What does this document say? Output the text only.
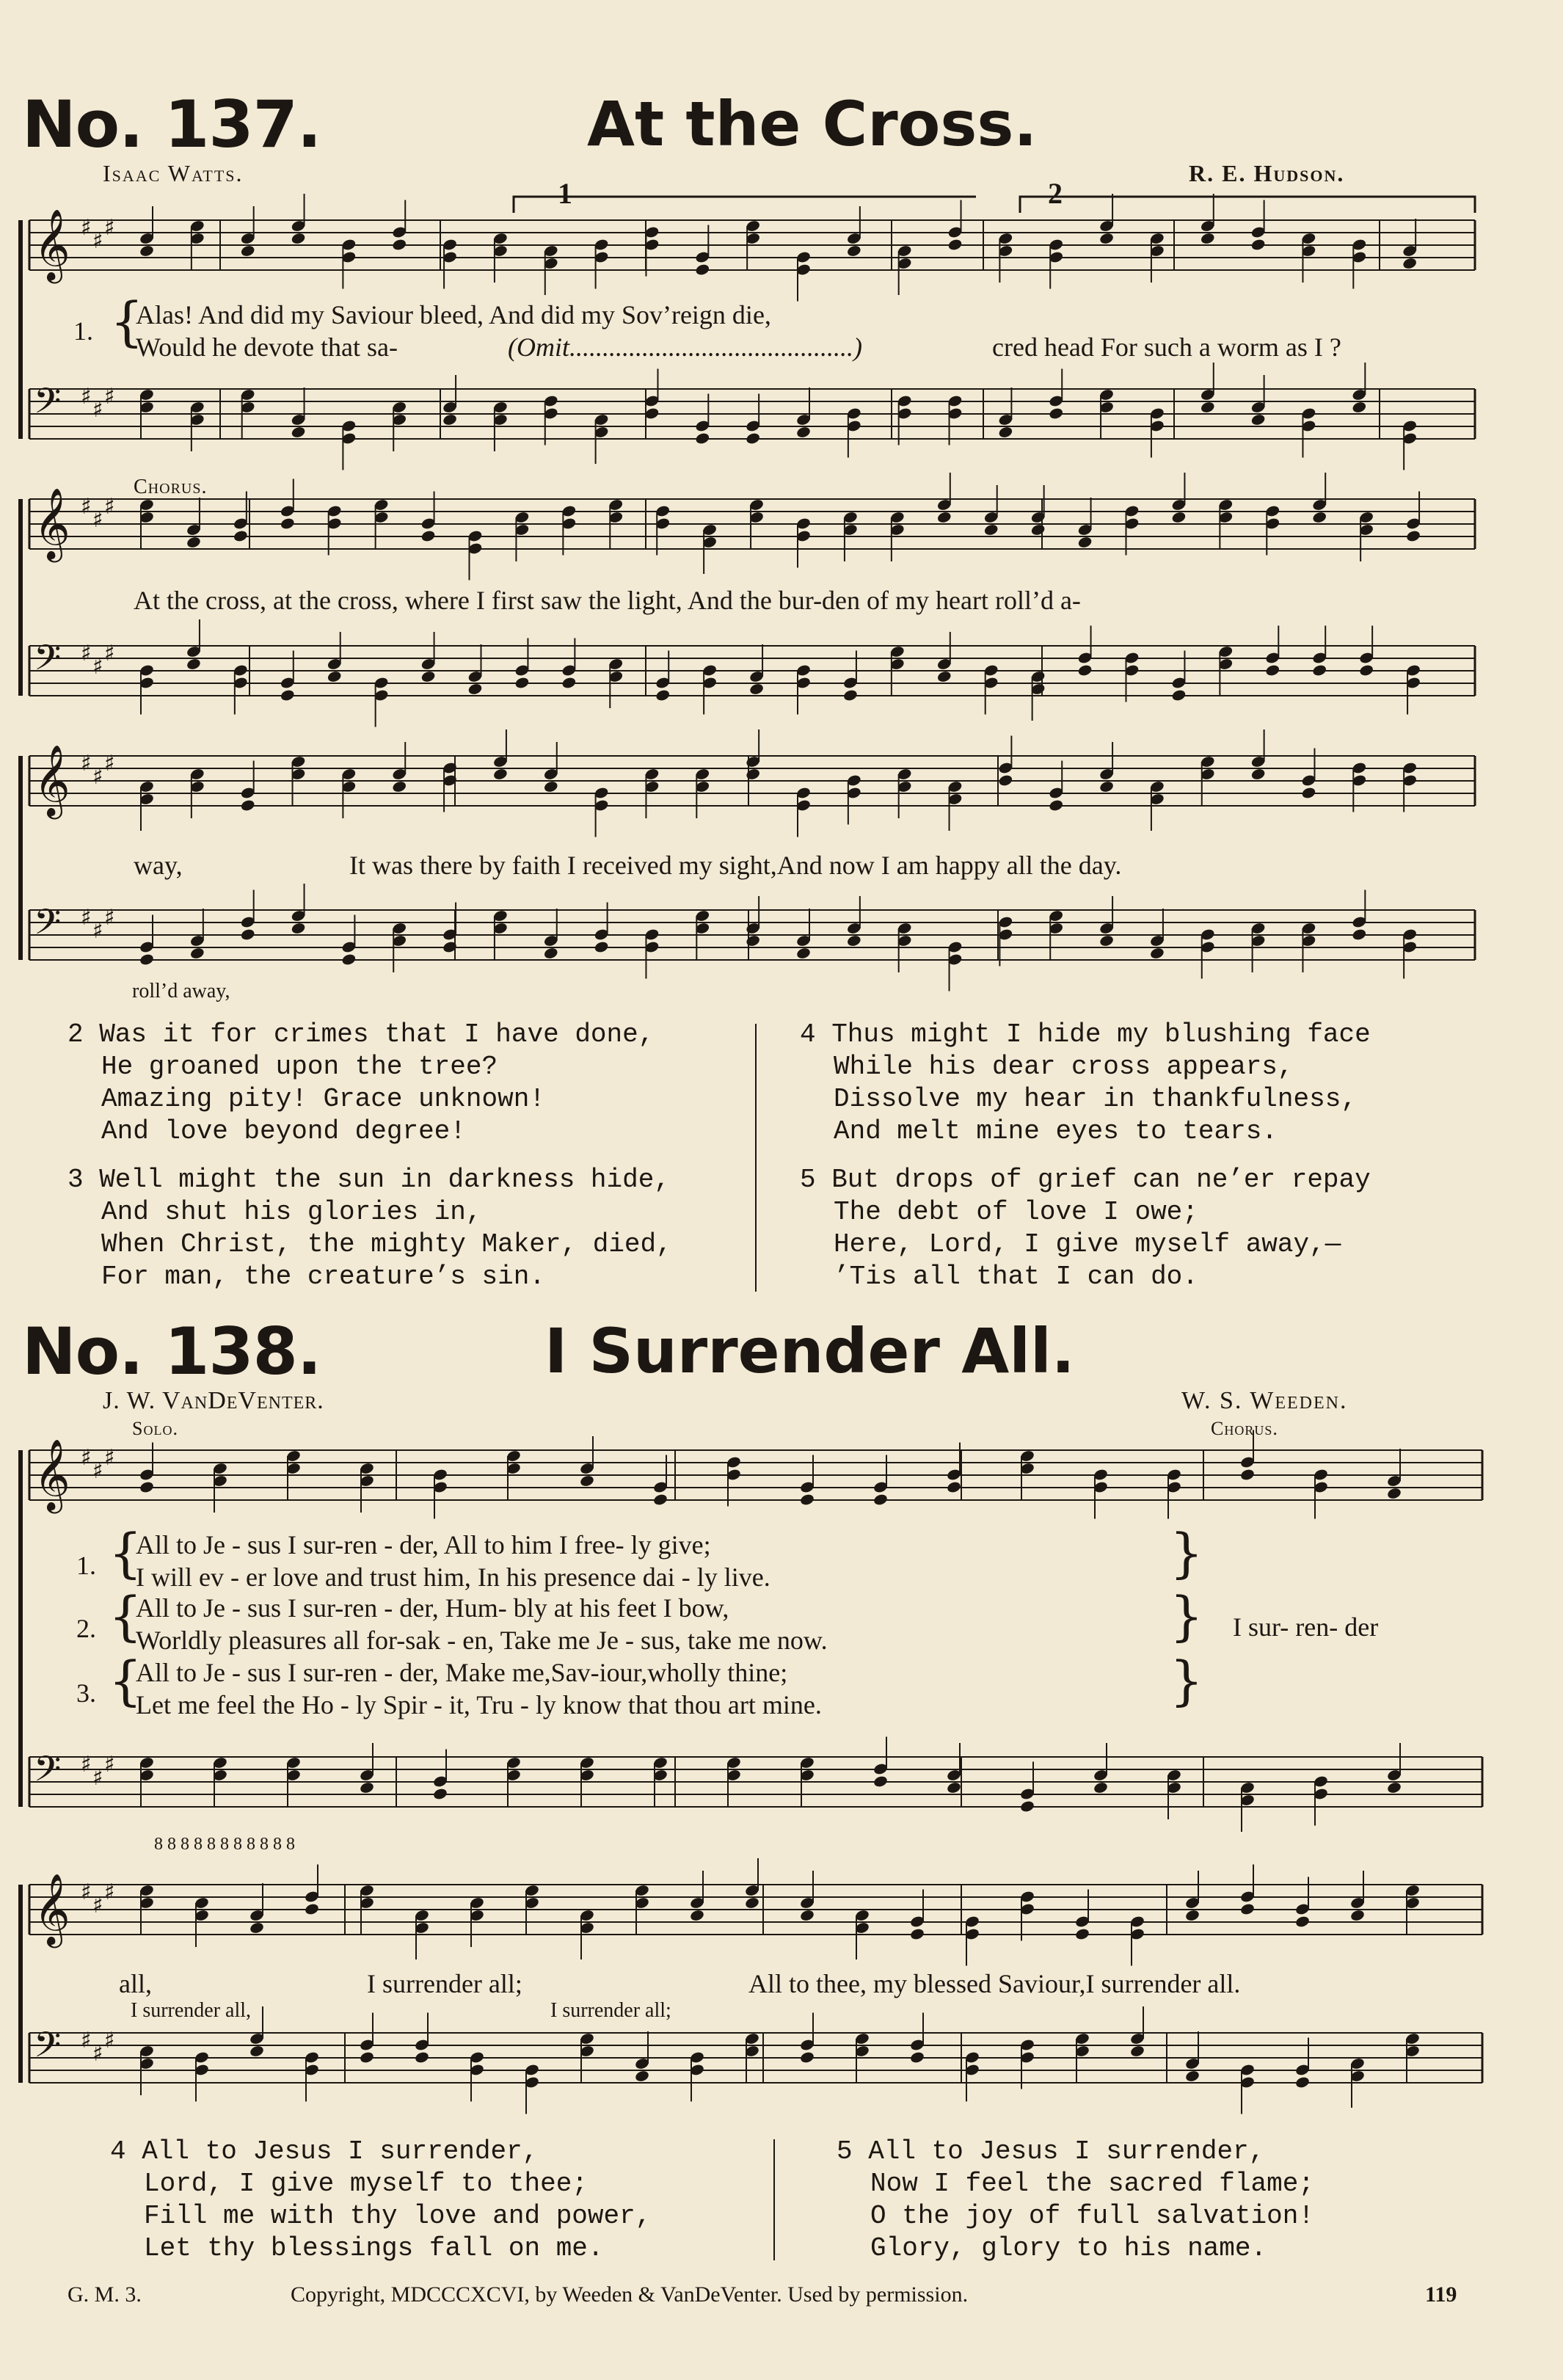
𝄞 ♯
♯
♯
𝄢 ♯
♯
♯
𝄞 ♯
♯
♯
𝄢 ♯
♯
♯
𝄞 ♯
♯
♯
𝄢 ♯
♯
♯
𝄞 ♯
♯
♯
𝄢 ♯
♯
♯
𝄞 ♯
♯
♯
𝄢 ♯
♯
♯
No. 137.	At the Cross.
Isaac Watts.	R. E. Hudson.
1	2
1. {
Alas! And did my Saviour bleed, And did my Sov’reign die,
Would he devote that sa-	(Omit...........................................)	cred head For such a worm as I ?
Chorus.
At the cross, at the cross, where I first saw the light, And the bur-den of my heart roll’d a-
way,	It was there by faith I received my sight,And now I am happy all the day.
roll’d away,
2 Was it for crimes that I have done,
He groaned upon the tree?
Amazing pity! Grace unknown!
And love beyond degree!
3 Well might the sun in darkness hide,
And shut his glories in,
When Christ, the mighty Maker, died,
For man, the creature’s sin.
4 Thus might I hide my blushing face
While his dear cross appears,
Dissolve my hear in thankfulness,
And melt mine eyes to tears.
5 But drops of grief can ne’er repay
The debt of love I owe;
Here, Lord, I give myself away,—
’Tis all that I can do.
No. 138.	I Surrender All.
J. W. VanDeVenter.	W. S. Weeden.
Solo.	Chorus.
1. {
All to Je - sus I sur-ren - der, All to him I free- ly give;
I will ev - er love and trust him, In his presence dai - ly live.	}
2. {
All to Je - sus I sur-ren - der, Hum- bly at his feet I bow,
Worldly pleasures all for-sak - en, Take me Je - sus, take me now.	}
3. {
All to Je - sus I sur-ren - der, Make me,Sav-iour,wholly thine;
Let me feel the Ho - ly Spir - it, Tru - ly know that thou art mine.	}
I sur- ren- der
8 8 8 8 8 8 8 8 8 8 8
all,	I surrender all;	All to thee, my blessed Saviour,I surrender all.
I surrender all,	I surrender all;
4 All to Jesus I surrender,
Lord, I give myself to thee;
Fill me with thy love and power,
Let thy blessings fall on me.
5 All to Jesus I surrender,
Now I feel the sacred flame;
O the joy of full salvation!
Glory, glory to his name.
G. M. 3.	Copyright, MDCCCXCVI, by Weeden & VanDeVenter. Used by permission.	119
